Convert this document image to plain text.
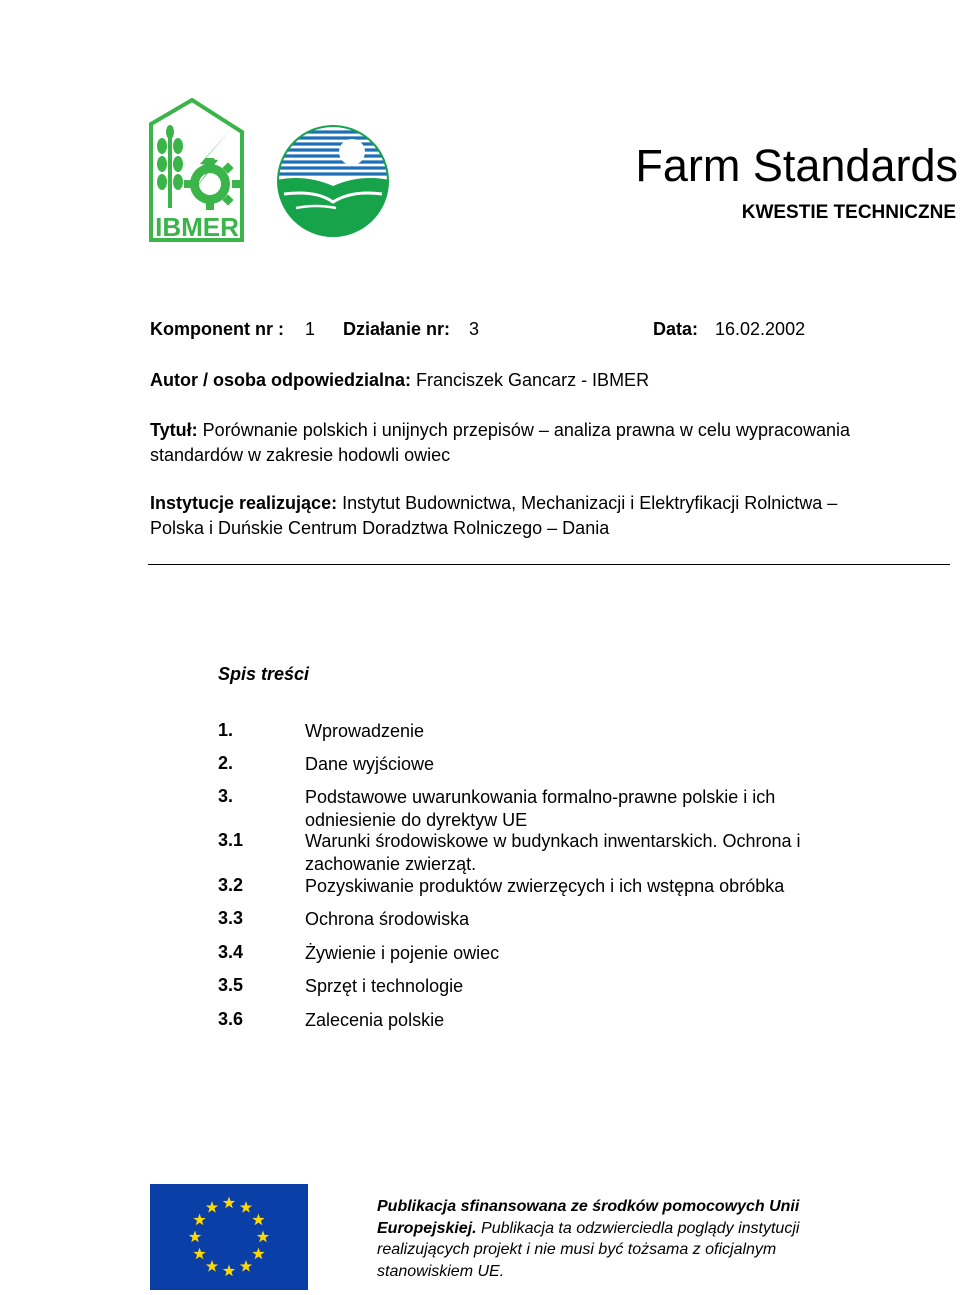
IBMER
Farm Standards
KWESTIE TECHNICZNE
Komponent nr : 1 Działanie nr: 3	Data: 16.02.2002
Autor / osoba odpowiedzialna: Franciszek Gancarz - IBMER
Tytuł: Porównanie polskich i unijnych przepisów – analiza prawna w celu wypracowania standardów w zakresie hodowli owiec
Instytucje realizujące: Instytut Budownictwa, Mechanizacji i Elektryfikacji Rolnictwa – Polska i Duńskie Centrum Doradztwa Rolniczego – Dania
Spis treści
1.	Wprowadzenie
2.	Dane wyjściowe
3.	Podstawowe uwarunkowania formalno-prawne polskie i ich odniesienie do dyrektyw UE
3.1	Warunki środowiskowe w budynkach inwentarskich. Ochrona i zachowanie zwierząt.
3.2	Pozyskiwanie produktów zwierzęcych i ich wstępna obróbka
3.3	Ochrona środowiska
3.4	Żywienie i pojenie owiec
3.5	Sprzęt i technologie
3.6	Zalecenia polskie
Publikacja sfinansowana ze środków pomocowych Unii Europejskiej. Publikacja ta odzwierciedla poglądy instytucji realizujących projekt i nie musi być tożsama z oficjalnym stanowiskiem UE.
